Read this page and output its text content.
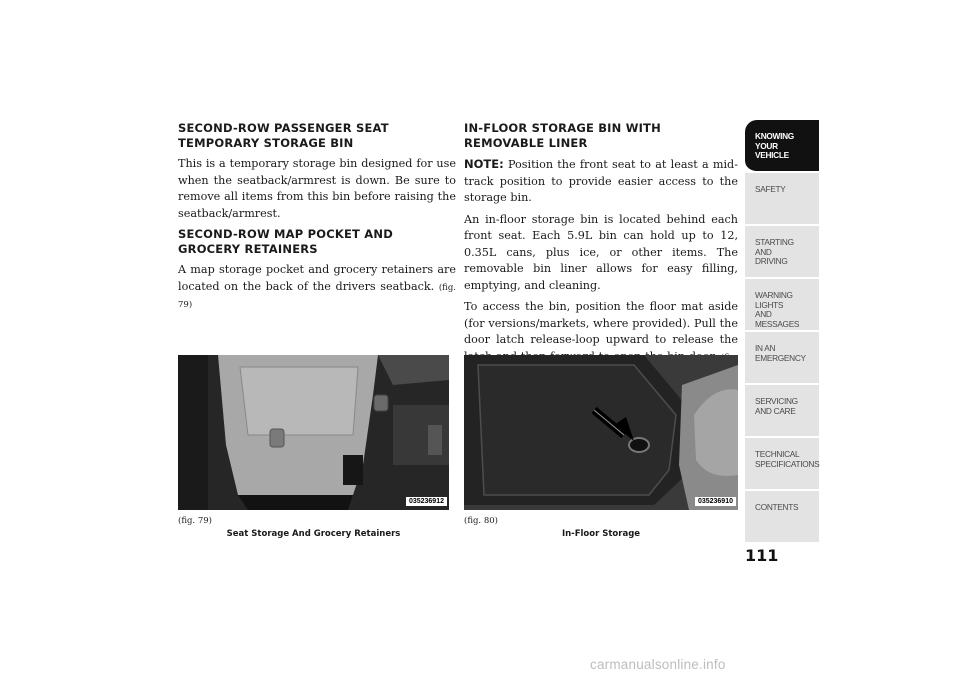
SECOND-ROW PASSENGER SEAT TEMPORARY STORAGE BIN

This is a temporary storage bin designed for use when the seatback/armrest is down. Be sure to remove all items from this bin before raising the seatback/armrest.

SECOND-ROW MAP POCKET AND GROCERY RETAINERS

A map storage pocket and grocery retainers are located on the back of the drivers seatback. (fig. 79)

IN-FLOOR STORAGE BIN WITH REMOVABLE LINER

NOTE: Position the front seat to at least a mid-track position to provide easier access to the storage bin.

An in-floor storage bin is located behind each front seat. Each 5.9L bin can hold up to 12, 0.35L cans, plus ice, or other items. The removable bin liner allows for easy filling, emptying, and cleaning.

To access the bin, position the floor mat aside (for versions/markets, where provided). Pull the door latch release-loop upward to release the

035236912
(fig. 79)
Seat Storage And Grocery Retainers
035236910
(fig. 80)
In-Floor Storage
KNOWING
YOUR
VEHICLE
SAFETY
STARTING
AND
DRIVING
WARNING
LIGHTS
AND
MESSAGES
IN AN
EMERGENCY
SERVICING
AND CARE
TECHNICAL
SPECIFICATIONS
CONTENTS
111
carmanualsonline.info
